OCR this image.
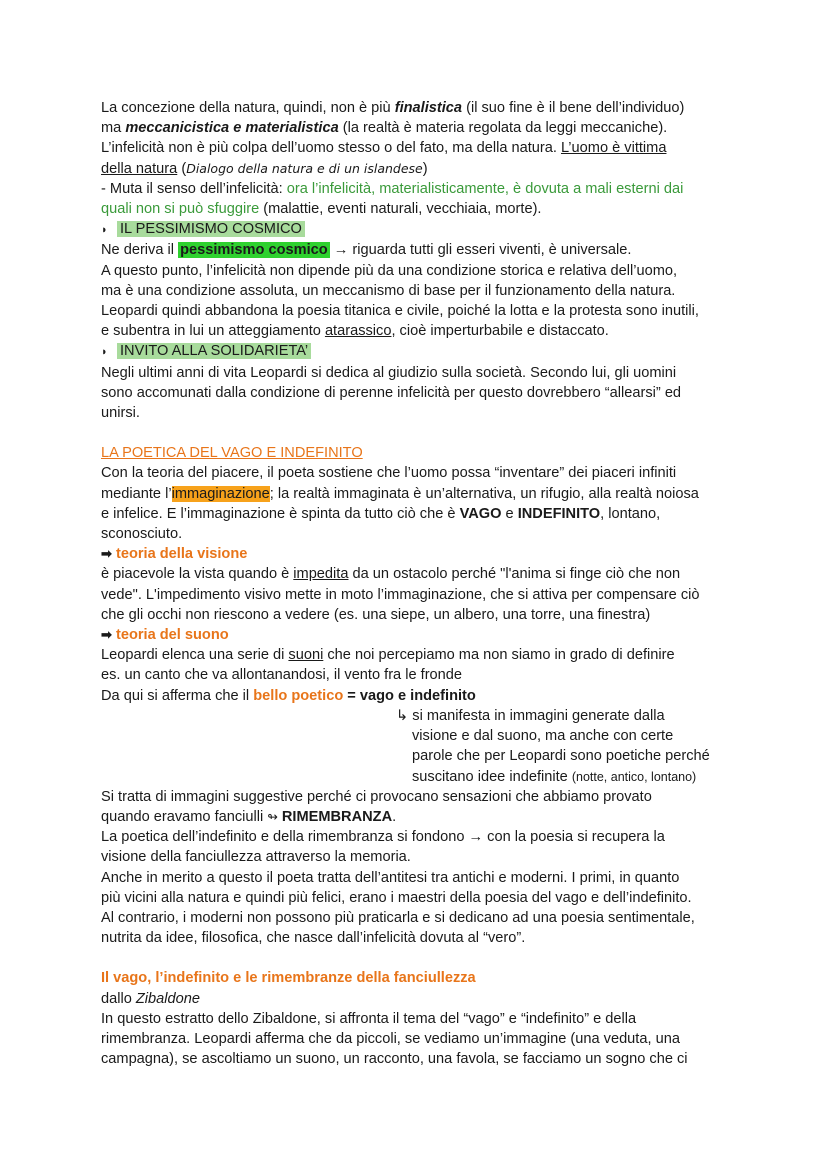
La concezione della natura, quindi, non è più finalistica (il suo fine è il bene dell’individuo)
ma meccanicistica e materialistica (la realtà è materia regolata da leggi meccaniche).
L’infelicità non è più colpa dell’uomo stesso o del fato, ma della natura. L’uomo è vittima
della natura (Dialogo della natura e di un islandese)

- Muta il senso dell’infelicità: ora l’infelicità, materialisticamente, è dovuta a mali esterni dai
quali non si può sfuggire (malattie, eventi naturali, vecchiaia, morte).

◗ IL PESSIMISMO COSMICO

Ne deriva il pessimismo cosmico → riguarda tutti gli esseri viventi, è universale.
A questo punto, l’infelicità non dipende più da una condizione storica e relativa dell’uomo,
ma è una condizione assoluta, un meccanismo di base per il funzionamento della natura.
Leopardi quindi abbandona la poesia titanica e civile, poiché la lotta e la protesta sono inutili,
e subentra in lui un atteggiamento atarassico, cioè imperturbabile e distaccato.

◗ INVITO ALLA SOLIDARIETA’

Negli ultimi anni di vita Leopardi si dedica al giudizio sulla società. Secondo lui, gli uomini
sono accomunati dalla condizione di perenne infelicità per questo dovrebbero “allearsi” ed
unirsi.

LA POETICA DEL VAGO E INDEFINITO

Con la teoria del piacere, il poeta sostiene che l’uomo possa “inventare” dei piaceri infiniti
mediante l’immaginazione; la realtà immaginata è un’alternativa, un rifugio, alla realtà noiosa
e infelice. E l’immaginazione è spinta da tutto ciò che è VAGO e INDEFINITO, lontano,
sconosciuto.

➡ teoria della visione

è piacevole la vista quando è impedita da un ostacolo perché "l'anima si finge ciò che non
vede". L'impedimento visivo mette in moto l’immaginazione, che si attiva per compensare ciò
che gli occhi non riescono a vedere (es. una siepe, un albero, una torre, una finestra)

➡ teoria del suono

Leopardi elenca una serie di suoni che noi percepiamo ma non siamo in grado di definire
es. un canto che va allontanandosi, il vento fra le fronde
Da qui si afferma che il bello poetico = vago e indefinito

↳ si manifesta in immagini generate dalla

visione e dal suono, ma anche con certe

parole che per Leopardi sono poetiche perché

suscitano idee indefinite (notte, antico, lontano)

Si tratta di immagini suggestive perché ci provocano sensazioni che abbiamo provato
quando eravamo fanciulli ↬ RIMEMBRANZA.
La poetica dell’indefinito e della rimembranza si fondono → con la poesia si recupera la
visione della fanciullezza attraverso la memoria.
Anche in merito a questo il poeta tratta dell’antitesi tra antichi e moderni. I primi, in quanto
più vicini alla natura e quindi più felici, erano i maestri della poesia del vago e dell’indefinito.
Al contrario, i moderni non possono più praticarla e si dedicano ad una poesia sentimentale,
nutrita da idee, filosofica, che nasce dall’infelicità dovuta al “vero”.

Il vago, l’indefinito e le rimembranze della fanciullezza

dallo Zibaldone
In questo estratto dello Zibaldone, si affronta il tema del “vago” e “indefinito” e della
rimembranza. Leopardi afferma che da piccoli, se vediamo un’immagine (una veduta, una
campagna), se ascoltiamo un suono, un racconto, una favola, se facciamo un sogno che ci
